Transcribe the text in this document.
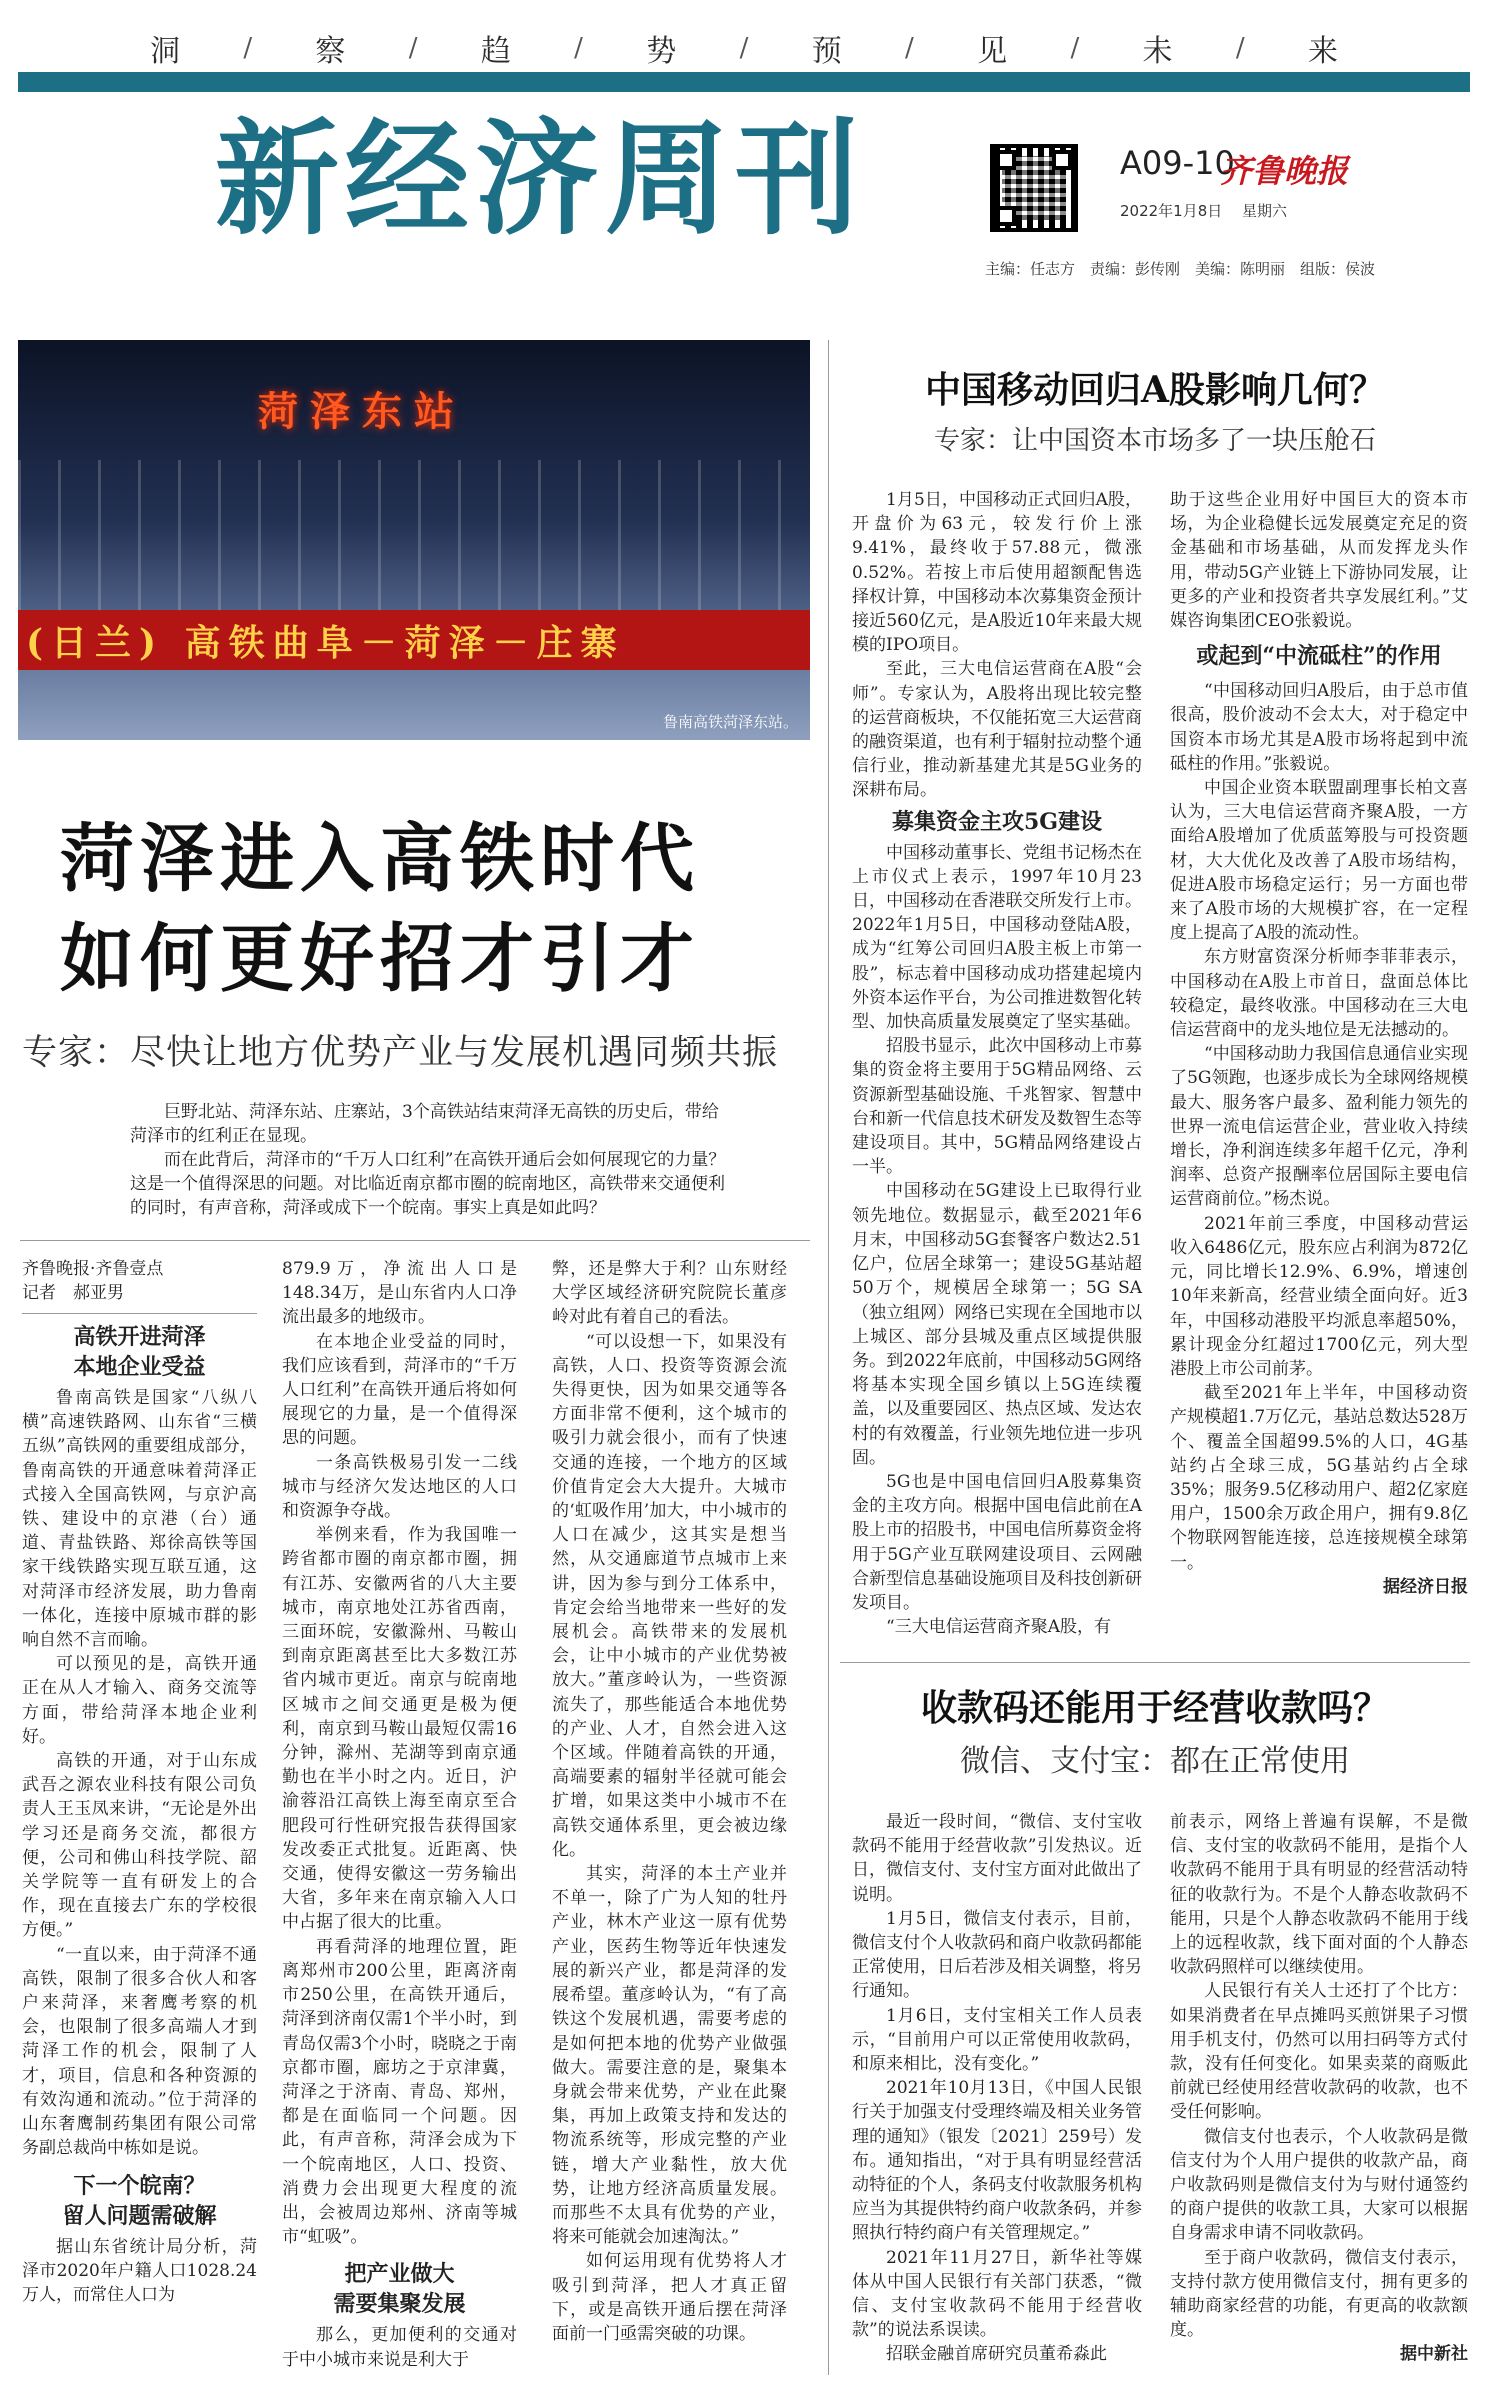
洞 / 察 / 趋 / 势 / 预 / 见 / 未 / 来
新经济周刊	A09-10
齐鲁晚报
2022年1月8日　 星期六
主编：任志方　责编：彭传刚　美编：陈明丽　组版：侯波
菏泽东站
(日兰) 高铁曲阜－菏泽－庄寨
鲁南高铁菏泽东站。
菏泽进入高铁时代
如何更好招才引才
专家：尽快让地方优势产业与发展机遇同频共振
巨野北站、菏泽东站、庄寨站，3个高铁站结束菏泽无高铁的历史后，带给菏泽市的红利正在显现。
而在此背后，菏泽市的“千万人口红利”在高铁开通后会如何展现它的力量？这是一个值得深思的问题。对比临近南京都市圈的皖南地区，高铁带来交通便利的同时，有声音称，菏泽或成下一个皖南。事实上真是如此吗？
齐鲁晚报·齐鲁壹点
记者　郝亚男
高铁开进菏泽
本地企业受益

鲁南高铁是国家“八纵八横”高速铁路网、山东省“三横五纵”高铁网的重要组成部分，鲁南高铁的开通意味着菏泽正式接入全国高铁网，与京沪高铁、建设中的京港（台）通道、青盐铁路、郑徐高铁等国家干线铁路实现互联互通，这对菏泽市经济发展，助力鲁南一体化，连接中原城市群的影响自然不言而喻。

可以预见的是，高铁开通正在从人才输入、商务交流等方面，带给菏泽本地企业利好。

高铁的开通，对于山东成武吾之源农业科技有限公司负责人王玉凤来讲，“无论是外出学习还是商务交流，都很方便，公司和佛山科技学院、韶关学院等一直有研发上的合作，现在直接去广东的学校很方便。”

“一直以来，由于菏泽不通高铁，限制了很多合伙人和客户来菏泽，来奢鹰考察的机会，也限制了很多高端人才到菏泽工作的机会，限制了人才，项目，信息和各种资源的有效沟通和流动。”位于菏泽的山东奢鹰制药集团有限公司常务副总裁尚中栋如是说。

下一个皖南？
留人问题需破解

据山东省统计局分析，菏泽市2020年户籍人口1028.24万人，而常住人口为

879.9万，净流出人口是148.34万，是山东省内人口净流出最多的地级市。

在本地企业受益的同时，我们应该看到，菏泽市的“千万人口红利”在高铁开通后将如何展现它的力量，是一个值得深思的问题。

一条高铁极易引发一二线城市与经济欠发达地区的人口和资源争夺战。

举例来看，作为我国唯一跨省都市圈的南京都市圈，拥有江苏、安徽两省的八大主要城市，南京地处江苏省西南，三面环皖，安徽滁州、马鞍山到南京距离甚至比大多数江苏省内城市更近。南京与皖南地区城市之间交通更是极为便利，南京到马鞍山最短仅需16分钟，滁州、芜湖等到南京通勤也在半小时之内。近日，沪渝蓉沿江高铁上海至南京至合肥段可行性研究报告获得国家发改委正式批复。近距离、快交通，使得安徽这一劳务输出大省，多年来在南京输入人口中占据了很大的比重。

再看菏泽的地理位置，距离郑州市200公里，距离济南市250公里，在高铁开通后，菏泽到济南仅需1个半小时，到青岛仅需3个小时，晓晓之于南京都市圈，廊坊之于京津冀，菏泽之于济南、青岛、郑州，都是在面临同一个问题。因此，有声音称，菏泽会成为下一个皖南地区，人口、投资、消费力会出现更大程度的流出，会被周边郑州、济南等城市“虹吸”。

把产业做大
需要集聚发展

那么，更加便利的交通对于中小城市来说是利大于

弊，还是弊大于利？山东财经大学区域经济研究院院长董彦岭对此有着自己的看法。

“可以设想一下，如果没有高铁，人口、投资等资源会流失得更快，因为如果交通等各方面非常不便利，这个城市的吸引力就会很小，而有了快速交通的连接，一个地方的区域价值肯定会大大提升。大城市的‘虹吸作用’加大，中小城市的人口在减少，这其实是想当然，从交通廊道节点城市上来讲，因为参与到分工体系中，肯定会给当地带来一些好的发展机会。高铁带来的发展机会，让中小城市的产业优势被放大。”董彦岭认为，一些资源流失了，那些能适合本地优势的产业、人才，自然会进入这个区域。伴随着高铁的开通，高端要素的辐射半径就可能会扩增，如果这类中小城市不在高铁交通体系里，更会被边缘化。

其实，菏泽的本土产业并不单一，除了广为人知的牡丹产业，林木产业这一原有优势产业，医药生物等近年快速发展的新兴产业，都是菏泽的发展希望。董彦岭认为，“有了高铁这个发展机遇，需要考虑的是如何把本地的优势产业做强做大。需要注意的是，聚集本身就会带来优势，产业在此聚集，再加上政策支持和发达的物流系统等，形成完整的产业链，增大产业黏性，放大优势，让地方经济高质量发展。而那些不太具有优势的产业，将来可能就会加速淘汰。”

如何运用现有优势将人才吸引到菏泽，把人才真正留下，或是高铁开通后摆在菏泽面前一门亟需突破的功课。

中国移动回归A股影响几何？
专家：让中国资本市场多了一块压舱石

1月5日，中国移动正式回归A股，开盘价为63元，较发行价上涨9.41%，最终收于57.88元，微涨0.52%。若按上市后使用超额配售选择权计算，中国移动本次募集资金预计接近560亿元，是A股近10年来最大规模的IPO项目。

至此，三大电信运营商在A股“会师”。专家认为，A股将出现比较完整的运营商板块，不仅能拓宽三大运营商的融资渠道，也有利于辐射拉动整个通信行业，推动新基建尤其是5G业务的深耕布局。

募集资金主攻5G建设

中国移动董事长、党组书记杨杰在上市仪式上表示，1997年10月23日，中国移动在香港联交所发行上市。2022年1月5日，中国移动登陆A股，成为“红筹公司回归A股主板上市第一股”，标志着中国移动成功搭建起境内外资本运作平台，为公司推进数智化转型、加快高质量发展奠定了坚实基础。

招股书显示，此次中国移动上市募集的资金将主要用于5G精品网络、云资源新型基础设施、千兆智家、智慧中台和新一代信息技术研发及数智生态等建设项目。其中，5G精品网络建设占一半。

中国移动在5G建设上已取得行业领先地位。数据显示，截至2021年6月末，中国移动5G套餐客户数达2.51亿户，位居全球第一；建设5G基站超50万个，规模居全球第一；5G SA（独立组网）网络已实现在全国地市以上城区、部分县城及重点区域提供服务。到2022年底前，中国移动5G网络将基本实现全国乡镇以上5G连续覆盖，以及重要园区、热点区域、发达农村的有效覆盖，行业领先地位进一步巩固。

5G也是中国电信回归A股募集资金的主攻方向。根据中国电信此前在A股上市的招股书，中国电信所募资金将用于5G产业互联网建设项目、云网融合新型信息基础设施项目及科技创新研发项目。

“三大电信运营商齐聚A股，有

助于这些企业用好中国巨大的资本市场，为企业稳健长远发展奠定充足的资金基础和市场基础，从而发挥龙头作用，带动5G产业链上下游协同发展，让更多的产业和投资者共享发展红利。”艾媒咨询集团CEO张毅说。

或起到“中流砥柱”的作用

“中国移动回归A股后，由于总市值很高，股价波动不会太大，对于稳定中国资本市场尤其是A股市场将起到中流砥柱的作用。”张毅说。

中国企业资本联盟副理事长柏文喜认为，三大电信运营商齐聚A股，一方面给A股增加了优质蓝筹股与可投资题材，大大优化及改善了A股市场结构，促进A股市场稳定运行；另一方面也带来了A股市场的大规模扩容，在一定程度上提高了A股的流动性。

东方财富资深分析师李菲菲表示，中国移动在A股上市首日，盘面总体比较稳定，最终收涨。中国移动在三大电信运营商中的龙头地位是无法撼动的。

“中国移动助力我国信息通信业实现了5G领跑，也逐步成长为全球网络规模最大、服务客户最多、盈利能力领先的世界一流电信运营企业，营业收入持续增长，净利润连续多年超千亿元，净利润率、总资产报酬率位居国际主要电信运营商前位。”杨杰说。

2021年前三季度，中国移动营运收入6486亿元，股东应占利润为872亿元，同比增长12.9%、6.9%，增速创10年来新高，经营业绩全面向好。近3年，中国移动港股平均派息率超50%，累计现金分红超过1700亿元，列大型港股上市公司前茅。

截至2021年上半年，中国移动资产规模超1.7万亿元，基站总数达528万个、覆盖全国超99.5%的人口，4G基站约占全球三成，5G基站约占全球35%；服务9.5亿移动用户、超2亿家庭用户，1500余万政企用户，拥有9.8亿个物联网智能连接，总连接规模全球第一。

据经济日报
收款码还能用于经营收款吗？
微信、支付宝：都在正常使用

最近一段时间，“微信、支付宝收款码不能用于经营收款”引发热议。近日，微信支付、支付宝方面对此做出了说明。

1月5日，微信支付表示，目前，微信支付个人收款码和商户收款码都能正常使用，日后若涉及相关调整，将另行通知。

1月6日，支付宝相关工作人员表示，“目前用户可以正常使用收款码，和原来相比，没有变化。”

2021年10月13日，《中国人民银行关于加强支付受理终端及相关业务管理的通知》（银发〔2021〕259号）发布。通知指出，“对于具有明显经营活动特征的个人，条码支付收款服务机构应当为其提供特约商户收款条码，并参照执行特约商户有关管理规定。”

2021年11月27日，新华社等媒体从中国人民银行有关部门获悉，“微信、支付宝收款码不能用于经营收款”的说法系误读。

招联金融首席研究员董希淼此

前表示，网络上普遍有误解，不是微信、支付宝的收款码不能用，是指个人收款码不能用于具有明显的经营活动特征的收款行为。不是个人静态收款码不能用，只是个人静态收款码不能用于线上的远程收款，线下面对面的个人静态收款码照样可以继续使用。

人民银行有关人士还打了个比方：如果消费者在早点摊吗买煎饼果子习惯用手机支付，仍然可以用扫码等方式付款，没有任何变化。如果卖菜的商贩此前就已经使用经营收款码的收款，也不受任何影响。

微信支付也表示，个人收款码是微信支付为个人用户提供的收款产品，商户收款码则是微信支付为与财付通签约的商户提供的收款工具，大家可以根据自身需求申请不同收款码。

至于商户收款码，微信支付表示，支持付款方使用微信支付，拥有更多的辅助商家经营的功能，有更高的收款额度。

据中新社
